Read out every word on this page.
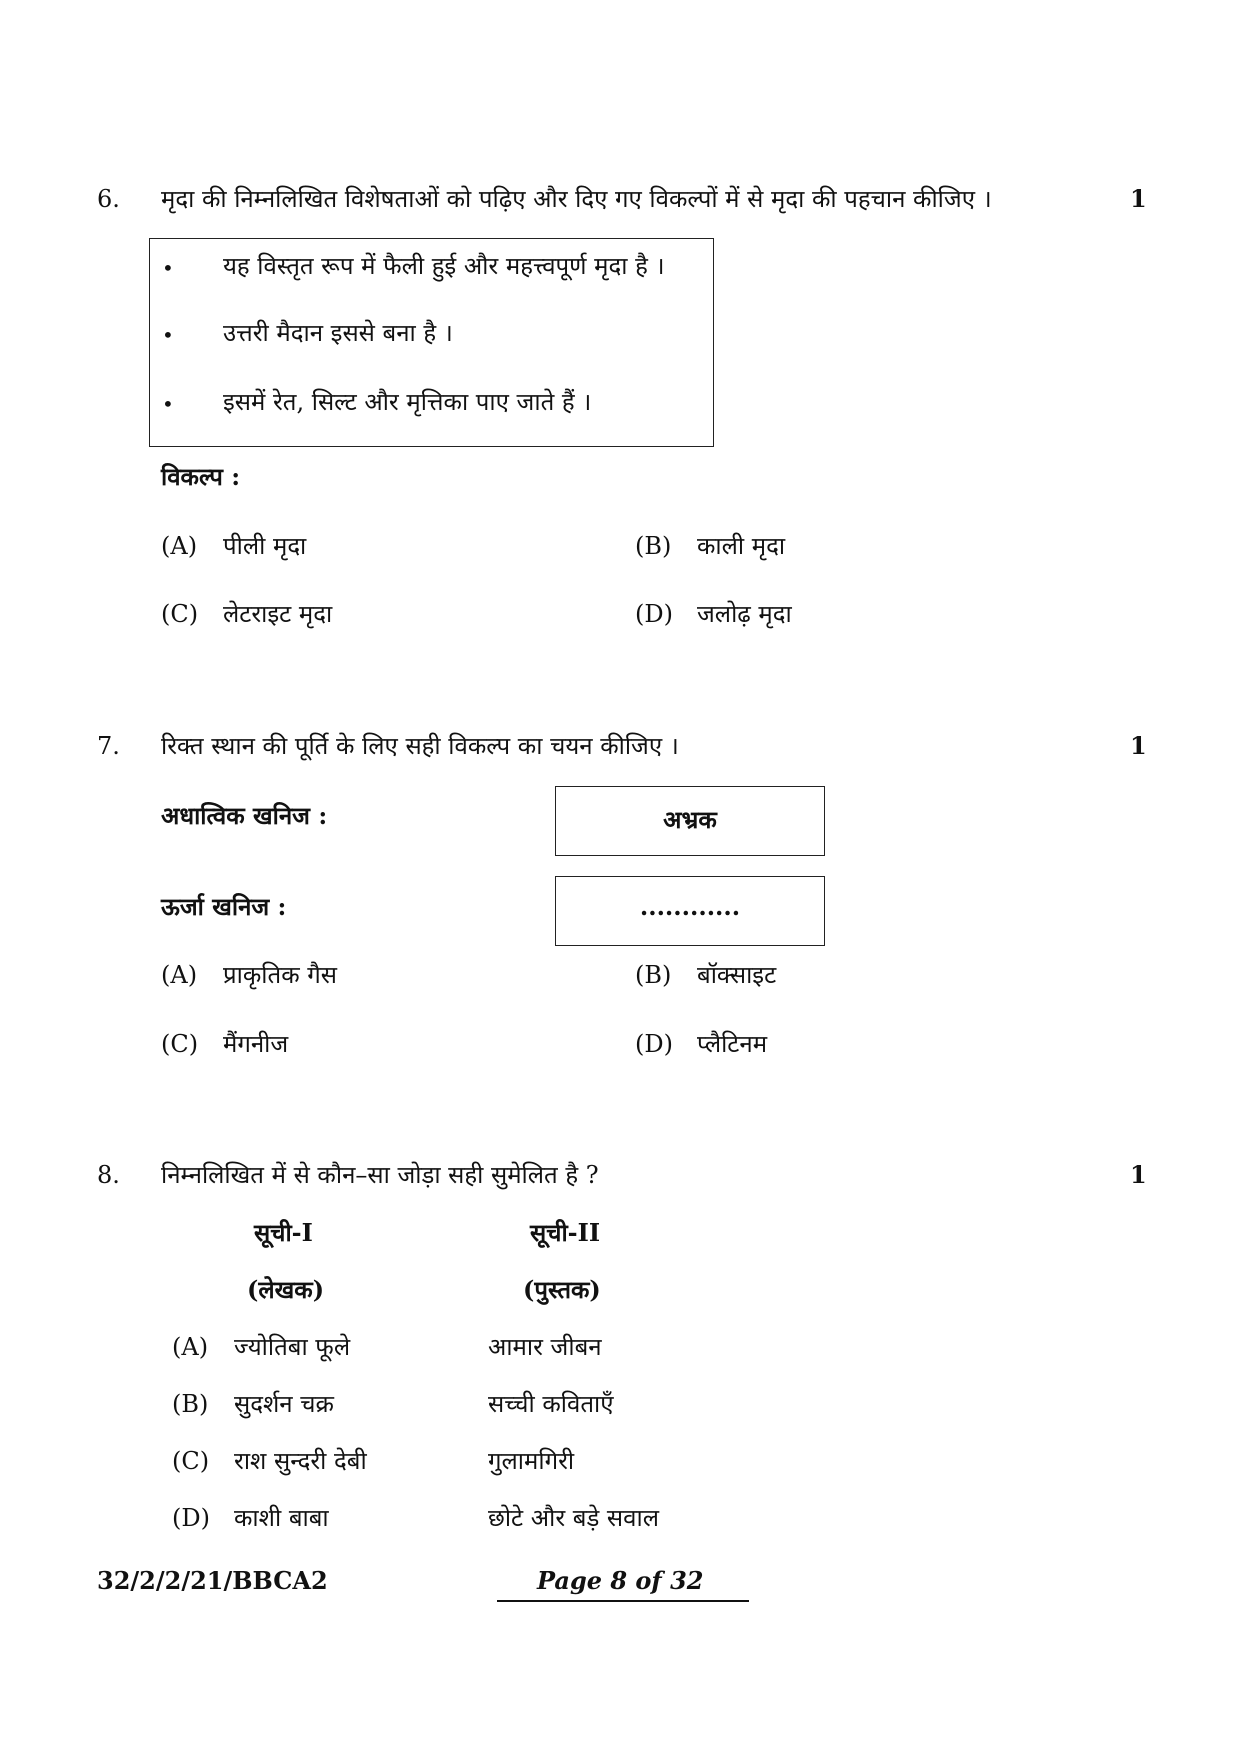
6. मृदा की निम्नलिखित विशेषताओं को पढ़िए और दिए गए विकल्पों में से मृदा की पहचान कीजिए ।	1
• यह विस्तृत रूप में फैली हुई और महत्त्वपूर्ण मृदा है ।
• उत्तरी मैदान इससे बना है ।
• इसमें रेत, सिल्ट और मृत्तिका पाए जाते हैं ।
विकल्प :
(A) पीली मृदा	(B) काली मृदा
(C) लेटराइट मृदा	(D) जलोढ़ मृदा
7. रिक्त स्थान की पूर्ति के लिए सही विकल्प का चयन कीजिए ।	1
अधात्विक खनिज :	अभ्रक
ऊर्जा खनिज :	............
(A) प्राकृतिक गैस	(B) बॉक्साइट
(C) मैंगनीज	(D) प्लैटिनम
8. निम्नलिखित में से कौन–सा जोड़ा सही सुमेलित है ?	1
सूची-I	सूची-II
(लेखक)	(पुस्तक)
(A) ज्योतिबा फूले	आमार जीबन
(B) सुदर्शन चक्र	सच्ची कविताएँ
(C) राश सुन्दरी देबी	गुलामगिरी
(D) काशी बाबा	छोटे और बड़े सवाल
32/2/2/21/BBCA2	Page 8 of 32
